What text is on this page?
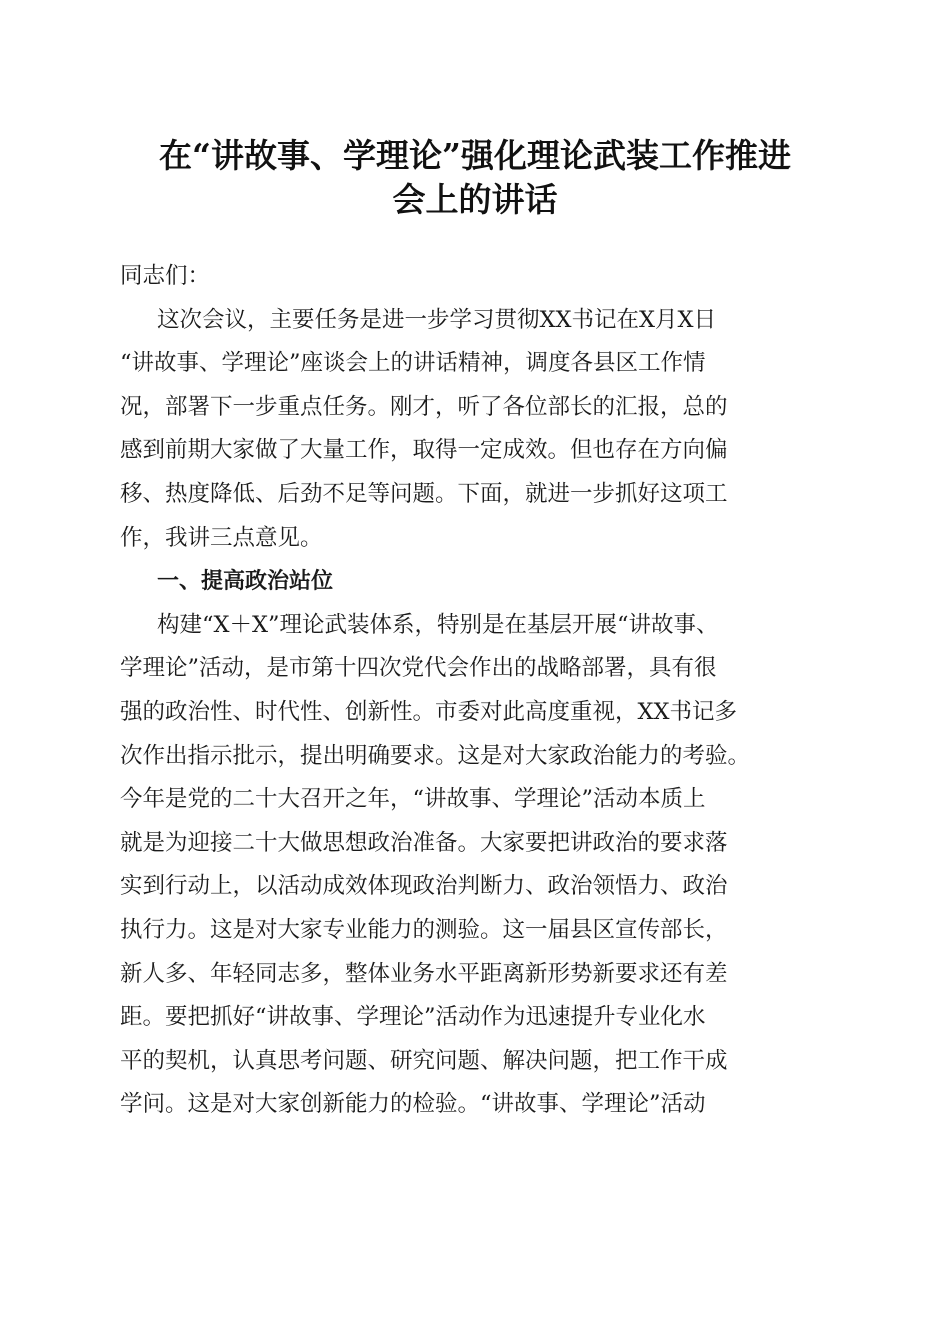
在“讲故事、学理论”强化理论武装工作推进
会上的讲话
同志们：
这次会议，主要任务是进一步学习贯彻XX书记在X月X日
“讲故事、学理论”座谈会上的讲话精神，调度各县区工作情
况，部署下一步重点任务。刚才，听了各位部长的汇报，总的
感到前期大家做了大量工作，取得一定成效。但也存在方向偏
移、热度降低、后劲不足等问题。下面，就进一步抓好这项工
作，我讲三点意见。
一、提高政治站位
构建“X＋X”理论武装体系，特别是在基层开展“讲故事、
学理论”活动，是市第十四次党代会作出的战略部署，具有很
强的政治性、时代性、创新性。市委对此高度重视，XX书记多
次作出指示批示，提出明确要求。这是对大家政治能力的考验。
今年是党的二十大召开之年，“讲故事、学理论”活动本质上
就是为迎接二十大做思想政治准备。大家要把讲政治的要求落
实到行动上，以活动成效体现政治判断力、政治领悟力、政治
执行力。这是对大家专业能力的测验。这一届县区宣传部长，
新人多、年轻同志多，整体业务水平距离新形势新要求还有差
距。要把抓好“讲故事、学理论”活动作为迅速提升专业化水
平的契机，认真思考问题、研究问题、解决问题，把工作干成
学问。这是对大家创新能力的检验。“讲故事、学理论”活动
